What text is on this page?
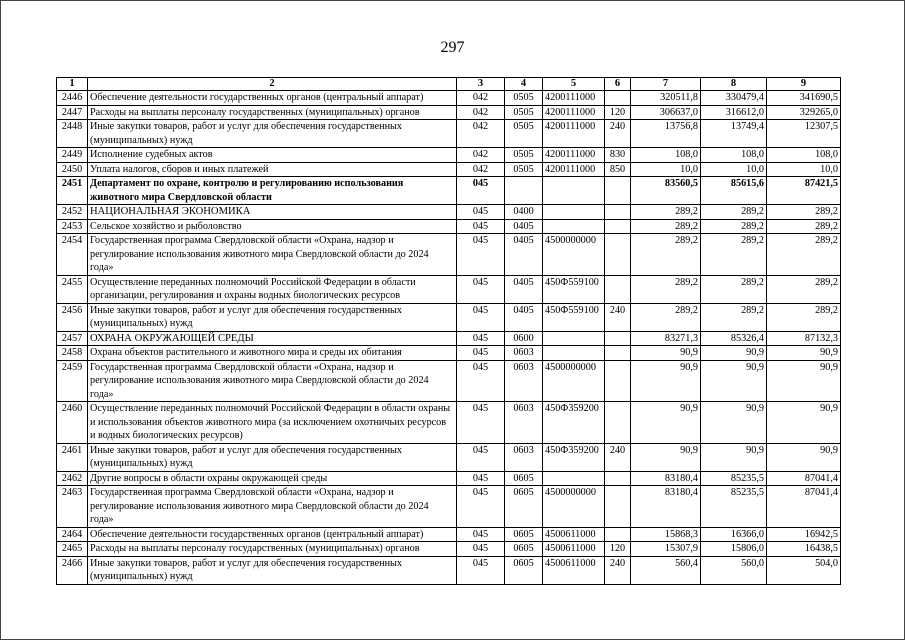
297
1	2	3	4	5	6	7	8	9
2446	Обеспечение деятельности государственных органов (центральный аппарат)	042	0505	4200111000		320511,8	330479,4	341690,5
2447	Расходы на выплаты персоналу государственных (муниципальных) органов	042	0505	4200111000	120	306637,0	316612,0	329265,0
2448	Иные закупки товаров, работ и услуг для обеспечения государственных (муниципальных) нужд	042	0505	4200111000	240	13756,8	13749,4	12307,5
2449	Исполнение судебных актов	042	0505	4200111000	830	108,0	108,0	108,0
2450	Уплата налогов, сборов и иных платежей	042	0505	4200111000	850	10,0	10,0	10,0
2451	Департамент по охране, контролю и регулированию использования животного мира Свердловской области	045				83560,5	85615,6	87421,5
2452	НАЦИОНАЛЬНАЯ ЭКОНОМИКА	045	0400			289,2	289,2	289,2
2453	Сельское хозяйство и рыболовство	045	0405			289,2	289,2	289,2
2454	Государственная программа Свердловской области «Охрана, надзор и регулирование использования животного мира Свердловской области до 2024 года»	045	0405	4500000000		289,2	289,2	289,2
2455	Осуществление переданных полномочий Российской Федерации в области организации, регулирования и охраны водных биологических ресурсов	045	0405	450Ф559100		289,2	289,2	289,2
2456	Иные закупки товаров, работ и услуг для обеспечения государственных (муниципальных) нужд	045	0405	450Ф559100	240	289,2	289,2	289,2
2457	ОХРАНА ОКРУЖАЮЩЕЙ СРЕДЫ	045	0600			83271,3	85326,4	87132,3
2458	Охрана объектов растительного и животного мира и среды их обитания	045	0603			90,9	90,9	90,9
2459	Государственная программа Свердловской области «Охрана, надзор и регулирование использования животного мира Свердловской области до 2024 года»	045	0603	4500000000		90,9	90,9	90,9
2460	Осуществление переданных полномочий Российской Федерации в области охраны и использования объектов животного мира (за исключением охотничьих ресурсов и водных биологических ресурсов)	045	0603	450Ф359200		90,9	90,9	90,9
2461	Иные закупки товаров, работ и услуг для обеспечения государственных (муниципальных) нужд	045	0603	450Ф359200	240	90,9	90,9	90,9
2462	Другие вопросы в области охраны окружающей среды	045	0605			83180,4	85235,5	87041,4
2463	Государственная программа Свердловской области «Охрана, надзор и регулирование использования животного мира Свердловской области до 2024 года»	045	0605	4500000000		83180,4	85235,5	87041,4
2464	Обеспечение деятельности государственных органов (центральный аппарат)	045	0605	4500611000		15868,3	16366,0	16942,5
2465	Расходы на выплаты персоналу государственных (муниципальных) органов	045	0605	4500611000	120	15307,9	15806,0	16438,5
2466	Иные закупки товаров, работ и услуг для обеспечения государственных (муниципальных) нужд	045	0605	4500611000	240	560,4	560,0	504,0
